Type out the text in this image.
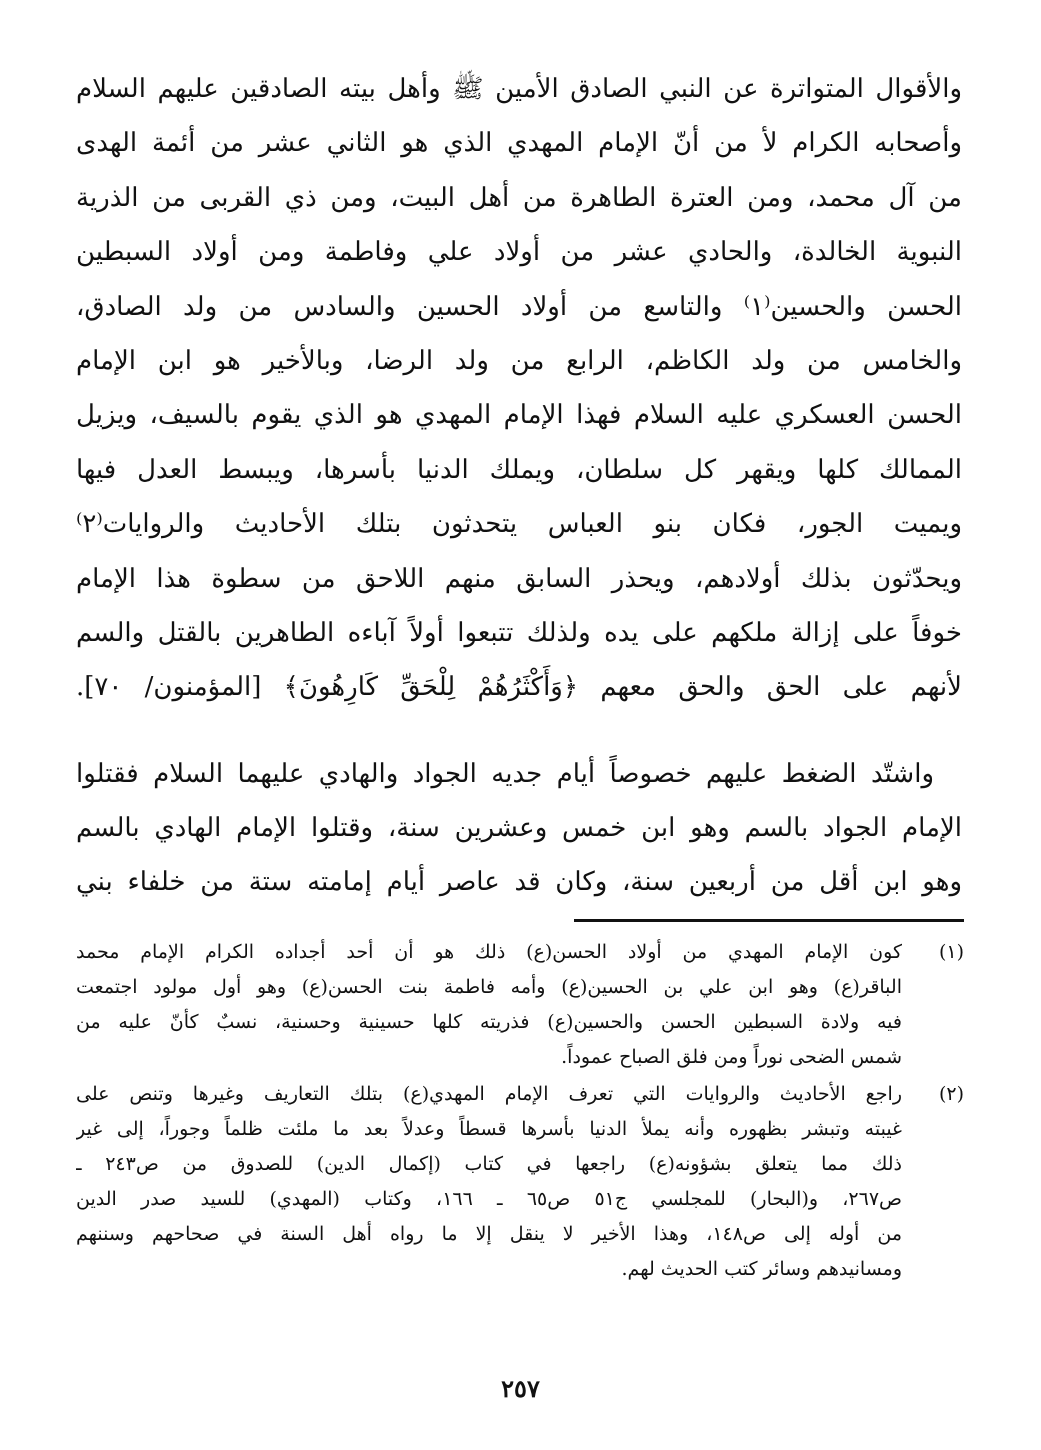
والأقوال المتواترة عن النبي الصادق الأمين ﷺ وأهل بيته الصادقين عليهم السلام
وأصحابه الكرام لأ من أنّ الإمام المهدي الذي هو الثاني عشر من أئمة الهدى
من آل محمد، ومن العترة الطاهرة من أهل البيت، ومن ذي القربى من الذرية
النبوية الخالدة، والحادي عشر من أولاد علي وفاطمة ومن أولاد السبطين
الحسن والحسين⁽١⁾ والتاسع من أولاد الحسين والسادس من ولد الصادق،
والخامس من ولد الكاظم، الرابع من ولد الرضا، وبالأخير هو ابن الإمام
الحسن العسكري عليه السلام فهذا الإمام المهدي هو الذي يقوم بالسيف، ويزيل
الممالك كلها ويقهر كل سلطان، ويملك الدنيا بأسرها، ويبسط العدل فيها
ويميت الجور، فكان بنو العباس يتحدثون بتلك الأحاديث والروايات⁽٢⁾
ويحدّثون بذلك أولادهم، ويحذر السابق منهم اللاحق من سطوة هذا الإمام
خوفاً على إزالة ملكهم على يده ولذلك تتبعوا أولاً آباءه الطاهرين بالقتل والسم
لأنهم على الحق والحق معهم ﴿وَأَكْثَرُهُمْ لِلْحَقِّ كَارِهُونَ﴾ [المؤمنون/ ٧٠].
واشتّد الضغط عليهم خصوصاً أيام جديه الجواد والهادي عليهما السلام فقتلوا
الإمام الجواد بالسم وهو ابن خمس وعشرين سنة، وقتلوا الإمام الهادي بالسم
وهو ابن أقل من أربعين سنة، وكان قد عاصر أيام إمامته ستة من خلفاء بني
(١)
كون الإمام المهدي من أولاد الحسن(ع) ذلك هو أن أحد أجداده الكرام الإمام محمد
الباقر(ع) وهو ابن علي بن الحسين(ع) وأمه فاطمة بنت الحسن(ع) وهو أول مولود اجتمعت
فيه ولادة السبطين الحسن والحسين(ع) فذريته كلها حسينية وحسنية، نسبٌ كأنّ عليه من
شمس الضحى نوراً ومن فلق الصباح عموداً.
(٢)
راجع الأحاديث والروايات التي تعرف الإمام المهدي(ع) بتلك التعاريف وغيرها وتنص على
غيبته وتبشر بظهوره وأنه يملأ الدنيا بأسرها قسطاً وعدلاً بعد ما ملئت ظلماً وجوراً، إلى غير
ذلك مما يتعلق بشؤونه(ع) راجعها في كتاب (إكمال الدين) للصدوق من ص٢٤٣ ـ
ص٢٦٧، و(البحار) للمجلسي ج٥١ ص٦٥ ـ ١٦٦، وكتاب (المهدي) للسيد صدر الدين
من أوله إلى ص١٤٨، وهذا الأخير لا ينقل إلا ما رواه أهل السنة في صحاحهم وسننهم
ومسانيدهم وسائر كتب الحديث لهم.
٢٥٧
